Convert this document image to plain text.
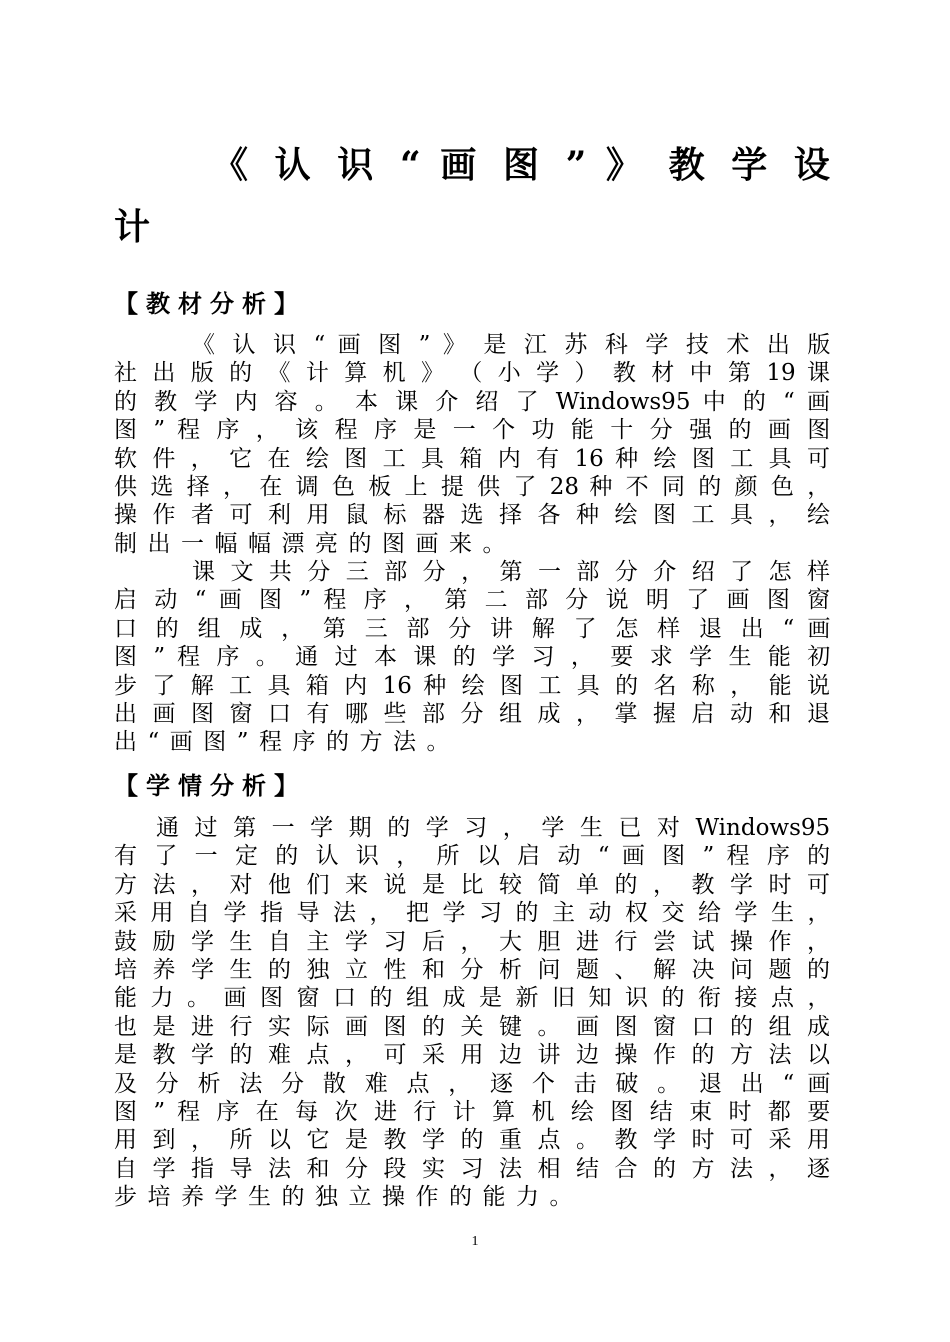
《 认 识 “ 画 图 ” 》 教 学 设
计
【教材分析】
《 认 识 “ 画 图 ” 》 是 江 苏 科 学 技 术 出 版
社 出 版 的 《 计 算 机 》 （ 小 学 ） 教 材 中 第 19 课
的 教 学 内 容 。 本 课 介 绍 了 Windows95 中 的 “ 画
图 ” 程 序 ， 该 程 序 是 一 个 功 能 十 分 强 的 画 图
软 件 ， 它 在 绘 图 工 具 箱 内 有 16 种 绘 图 工 具 可
供 选 择 ， 在 调 色 板 上 提 供 了 28 种 不 同 的 颜 色 ，
操 作 者 可 利 用 鼠 标 器 选 择 各 种 绘 图 工 具 ， 绘
制出一幅幅漂亮的图画来。
课 文 共 分 三 部 分 ， 第 一 部 分 介 绍 了 怎 样
启 动 “ 画 图 ” 程 序 ， 第 二 部 分 说 明 了 画 图 窗
口 的 组 成 ， 第 三 部 分 讲 解 了 怎 样 退 出 “ 画
图 ” 程 序 。 通 过 本 课 的 学 习 ， 要 求 学 生 能 初
步 了 解 工 具 箱 内 16 种 绘 图 工 具 的 名 称 ， 能 说
出 画 图 窗 口 有 哪 些 部 分 组 成 ， 掌 握 启 动 和 退
出“画图”程序的方法。
【学情分析】
通 过 第 一 学 期 的 学 习 ， 学 生 已 对 Windows95
有 了 一 定 的 认 识 ， 所 以 启 动 “ 画 图 ” 程 序 的
方 法 ， 对 他 们 来 说 是 比 较 简 单 的 ， 教 学 时 可
采 用 自 学 指 导 法 ， 把 学 习 的 主 动 权 交 给 学 生 ，
鼓 励 学 生 自 主 学 习 后 ， 大 胆 进 行 尝 试 操 作 ，
培 养 学 生 的 独 立 性 和 分 析 问 题 、 解 决 问 题 的
能 力 。 画 图 窗 口 的 组 成 是 新 旧 知 识 的 衔 接 点 ，
也 是 进 行 实 际 画 图 的 关 键 。 画 图 窗 口 的 组 成
是 教 学 的 难 点 ， 可 采 用 边 讲 边 操 作 的 方 法 以
及 分 析 法 分 散 难 点 ， 逐 个 击 破 。 退 出 “ 画
图 ” 程 序 在 每 次 进 行 计 算 机 绘 图 结 束 时 都 要
用 到 ， 所 以 它 是 教 学 的 重 点 。 教 学 时 可 采 用
自 学 指 导 法 和 分 段 实 习 法 相 结 合 的 方 法 ， 逐
步培养学生的独立操作的能力。
1
